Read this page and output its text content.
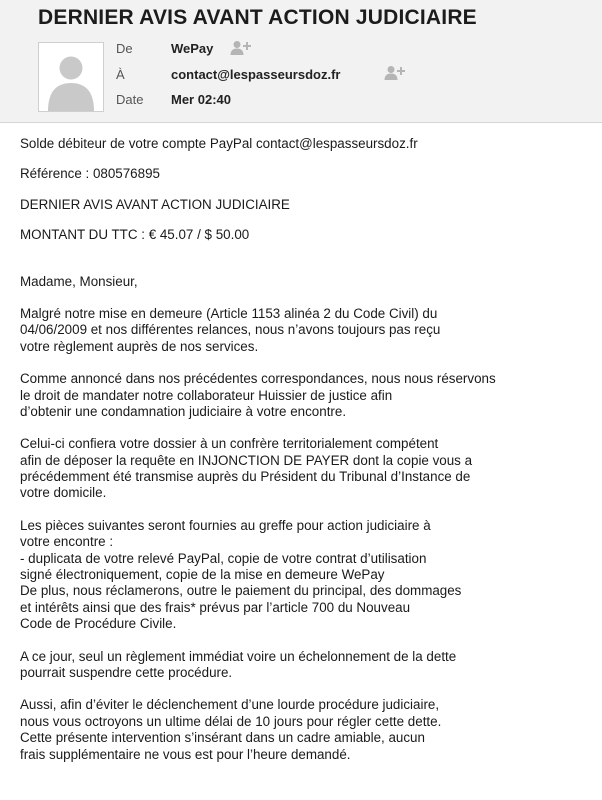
DERNIER AVIS AVANT ACTION JUDICIAIRE
De	WePay
À	contact@lespasseursdoz.fr
Date Mer 02:40
Solde débiteur de votre compte PayPal contact@lespasseursdoz.fr
Référence : 080576895
DERNIER AVIS AVANT ACTION JUDICIAIRE
MONTANT DU TTC : € 45.07 / $ 50.00
Madame, Monsieur,
Malgré notre mise en demeure (Article 1153 alinéa 2 du Code Civil) du
04/06/2009 et nos différentes relances, nous n’avons toujours pas reçu
votre règlement auprès de nos services.
Comme annoncé dans nos précédentes correspondances, nous nous réservons
le droit de mandater notre collaborateur Huissier de justice afin
d’obtenir une condamnation judiciaire à votre encontre.
Celui-ci confiera votre dossier à un confrère territorialement compétent
afin de déposer la requête en INJONCTION DE PAYER dont la copie vous a
précédemment été transmise auprès du Président du Tribunal d’Instance de
votre domicile.
Les pièces suivantes seront fournies au greffe pour action judiciaire à
votre encontre :
- duplicata de votre relevé PayPal, copie de votre contrat d’utilisation
signé électroniquement, copie de la mise en demeure WePay
De plus, nous réclamerons, outre le paiement du principal, des dommages
et intérêts ainsi que des frais* prévus par l’article 700 du Nouveau
Code de Procédure Civile.
A ce jour, seul un règlement immédiat voire un échelonnement de la dette
pourrait suspendre cette procédure.
Aussi, afin d’éviter le déclenchement d’une lourde procédure judiciaire,
nous vous octroyons un ultime délai de 10 jours pour régler cette dette.
Cette présente intervention s’insérant dans un cadre amiable, aucun
frais supplémentaire ne vous est pour l’heure demandé.
